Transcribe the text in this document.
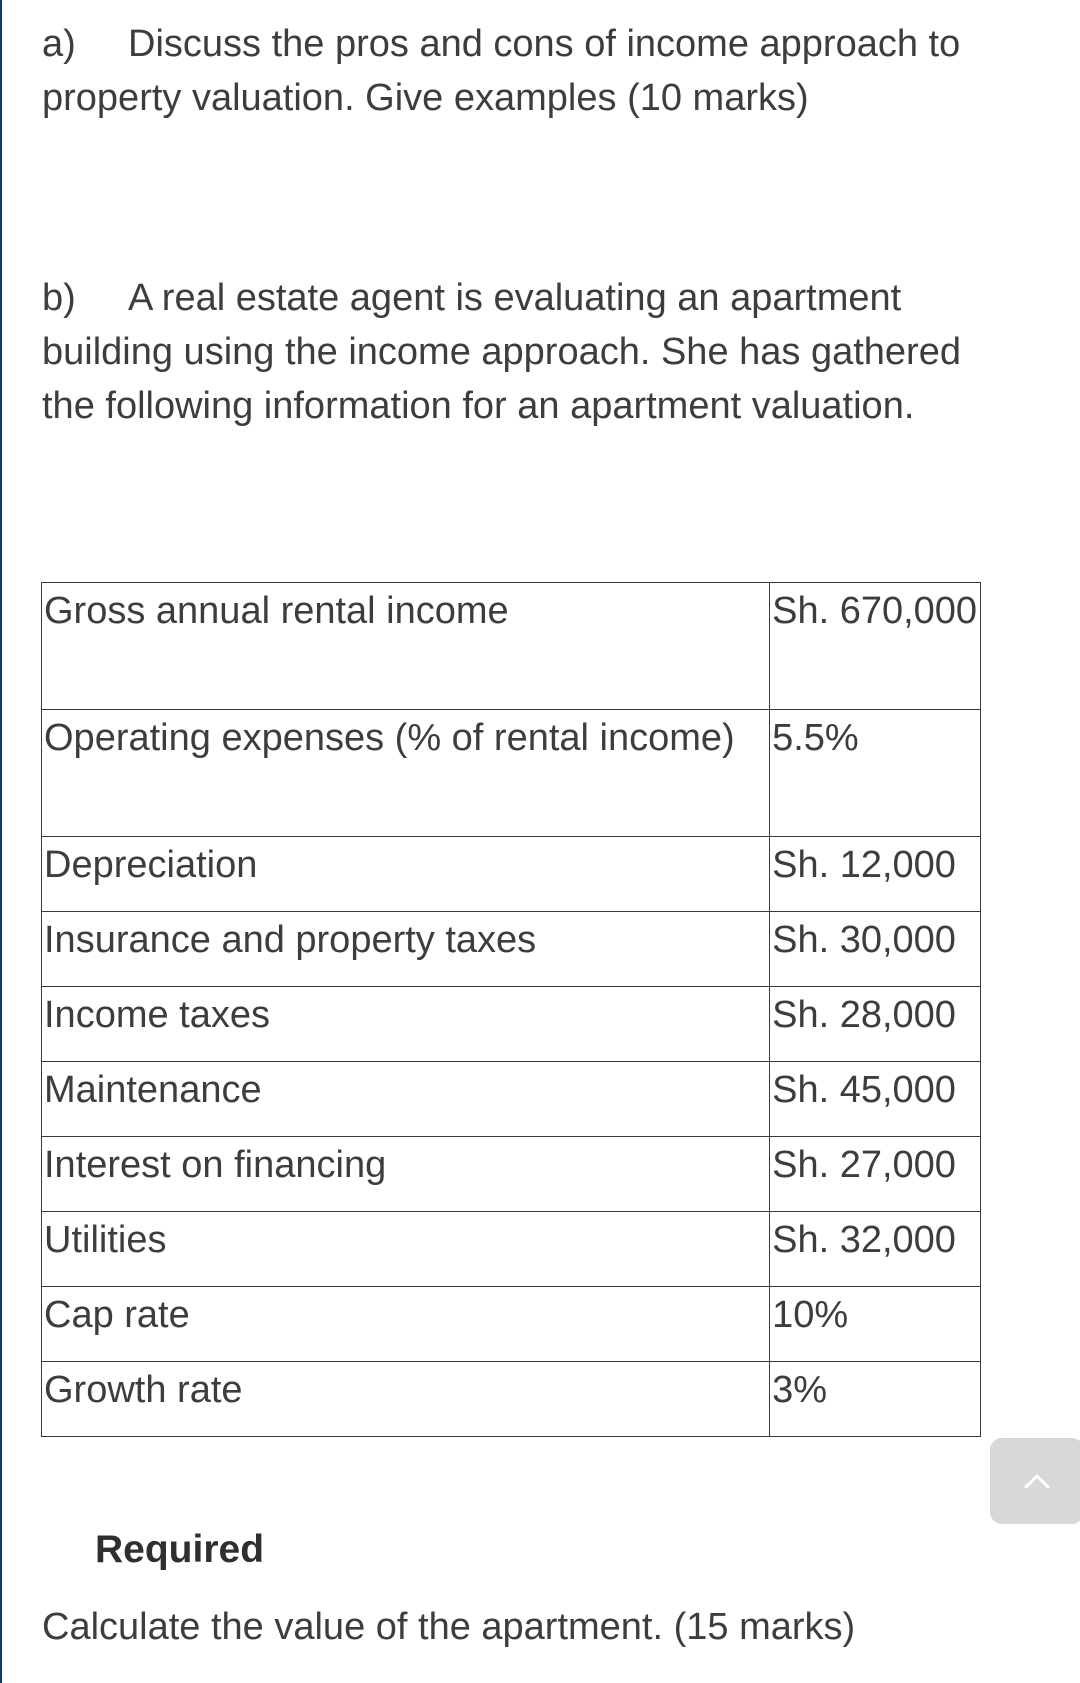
a) Discuss the pros and cons of income approach to property valuation. Give examples (10 marks)

b) A real estate agent is evaluating an apartment building using the income approach. She has gathered the following information for an apartment valuation.

Gross annual rental income	Sh. 670,000
Operating expenses (% of rental income)	5.5%
Depreciation	Sh. 12,000
Insurance and property taxes	Sh. 30,000
Income taxes	Sh. 28,000
Maintenance	Sh. 45,000
Interest on financing	Sh. 27,000
Utilities	Sh. 32,000
Cap rate	10%
Growth rate	3%

Required

Calculate the value of the apartment. (15 marks)
